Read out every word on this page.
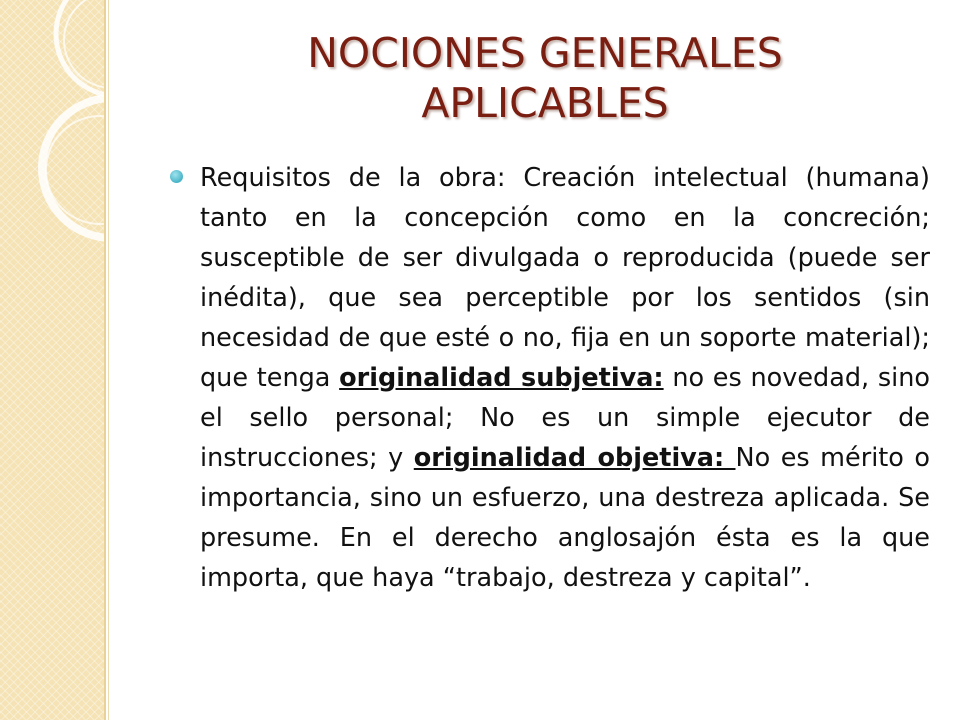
NOCIONES GENERALES
APLICABLES

Requisitos de la obra: Creación intelectual (humana) tanto en la concepción como en la concreción; susceptible de ser divulgada o reproducida (puede ser inédita), que sea perceptible por los sentidos (sin necesidad de que esté o no, fija en un soporte material); que tenga originalidad subjetiva: no es novedad, sino el sello personal; No es un simple ejecutor de instrucciones; y originalidad objetiva: No es mérito o importancia, sino un esfuerzo, una destreza aplicada. Se presume. En el derecho anglosajón ésta es la que importa, que haya “trabajo, destreza y capital”.
